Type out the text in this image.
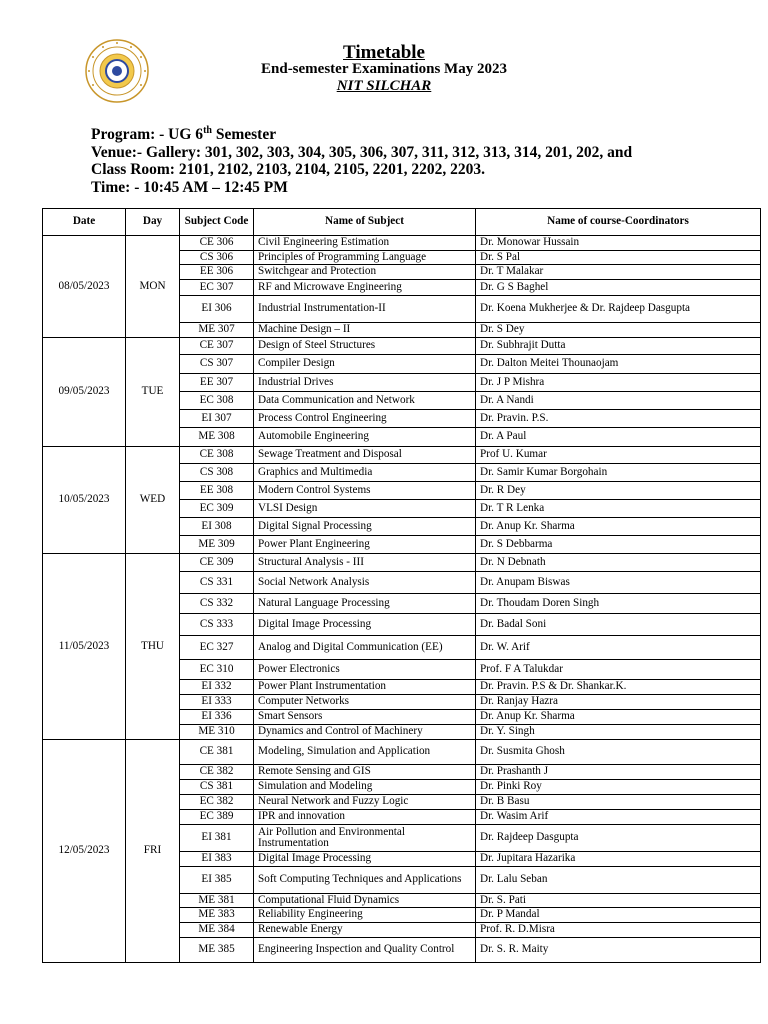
Timetable
End-semester Examinations May 2023
NIT SILCHAR
Program: - UG 6th Semester
Venue:- Gallery: 301, 302, 303, 304, 305, 306, 307, 311, 312, 313, 314, 201, 202, and
Class Room: 2101, 2102, 2103, 2104, 2105, 2201, 2202, 2203.
Time: - 10:45 AM – 12:45 PM
Date	Day	Subject Code	Name of Subject	Name of course-Coordinators
08/05/2023	MON	CE 306	Civil Engineering Estimation	Dr. Monowar Hussain
		CS 306	Principles of Programming Language	Dr. S Pal
		EE 306	Switchgear and Protection	Dr. T Malakar
		EC 307	RF and Microwave Engineering	Dr. G S Baghel
		EI 306	Industrial Instrumentation-II	Dr. Koena Mukherjee & Dr. Rajdeep Dasgupta
		ME 307	Machine Design – II	Dr. S Dey
09/05/2023	TUE	CE 307	Design of Steel Structures	Dr. Subhrajit Dutta
		CS 307	Compiler Design	Dr. Dalton Meitei Thounaojam
		EE 307	Industrial Drives	Dr. J P Mishra
		EC 308	Data Communication and Network	Dr. A Nandi
		EI 307	Process Control Engineering	Dr. Pravin. P.S.
		ME 308	Automobile Engineering	Dr. A Paul
10/05/2023	WED	CE 308	Sewage Treatment and Disposal	Prof U. Kumar
		CS 308	Graphics and Multimedia	Dr. Samir Kumar Borgohain
		EE 308	Modern Control Systems	Dr. R Dey
		EC 309	VLSI Design	Dr. T R Lenka
		EI 308	Digital Signal Processing	Dr. Anup Kr. Sharma
		ME 309	Power Plant Engineering	Dr. S Debbarma
11/05/2023	THU	CE 309	Structural Analysis - III	Dr. N Debnath
		CS 331	Social Network Analysis	Dr. Anupam Biswas
		CS 332	Natural Language Processing	Dr. Thoudam Doren Singh
		CS 333	Digital Image Processing	Dr. Badal Soni
		EC 327	Analog and Digital Communication (EE)	Dr. W. Arif
		EC 310	Power Electronics	Prof. F A Talukdar
		EI 332	Power Plant Instrumentation	Dr. Pravin. P.S & Dr. Shankar.K.
		EI 333	Computer Networks	Dr. Ranjay Hazra
		EI 336	Smart Sensors	Dr. Anup Kr. Sharma
		ME 310	Dynamics and Control of Machinery	Dr. Y. Singh
12/05/2023	FRI	CE 381	Modeling, Simulation and Application	Dr. Susmita Ghosh
		CE 382	Remote Sensing and GIS	Dr. Prashanth J
		CS 381	Simulation and Modeling	Dr. Pinki Roy
		EC 382	Neural Network and Fuzzy Logic	Dr. B Basu
		EC 389	IPR and innovation	Dr. Wasim Arif
		EI 381	Air Pollution and Environmental Instrumentation	Dr. Rajdeep Dasgupta
		EI 383	Digital Image Processing	Dr. Jupitara Hazarika
		EI 385	Soft Computing Techniques and Applications	Dr. Lalu Seban
		ME 381	Computational Fluid Dynamics	Dr. S. Pati
		ME 383	Reliability Engineering	Dr. P Mandal
		ME 384	Renewable Energy	Prof. R. D.Misra
		ME 385	Engineering Inspection and Quality Control	Dr. S. R. Maity
